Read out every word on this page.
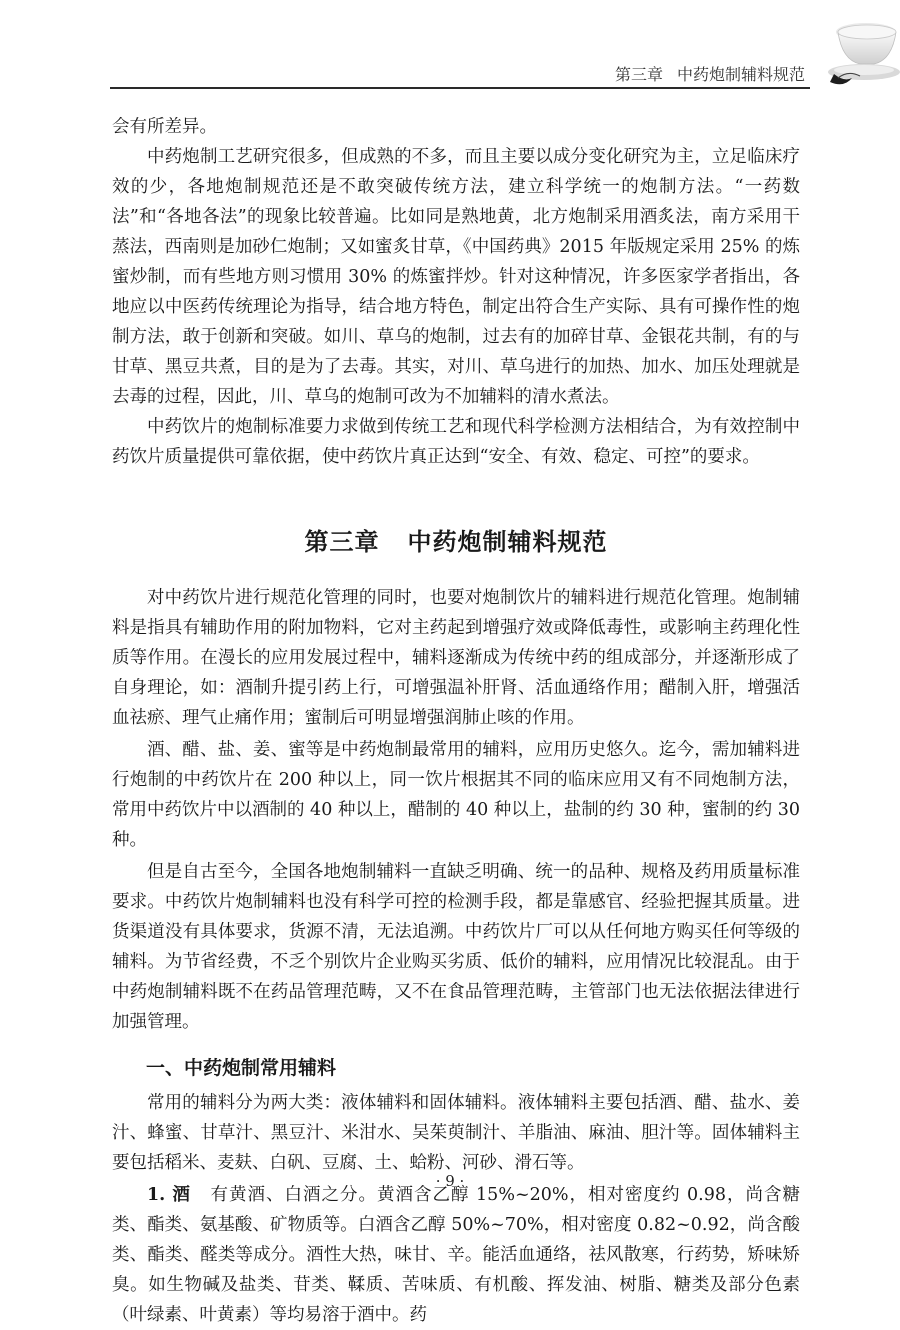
第三章 中药炮制辅料规范

会有所差异。

中药炮制工艺研究很多，但成熟的不多，而且主要以成分变化研究为主，立足临床疗效的少，各地炮制规范还是不敢突破传统方法，建立科学统一的炮制方法。“一药数法”和“各地各法”的现象比较普遍。比如同是熟地黄，北方炮制采用酒炙法，南方采用干蒸法，西南则是加砂仁炮制；又如蜜炙甘草，《中国药典》2015 年版规定采用 25% 的炼蜜炒制，而有些地方则习惯用 30% 的炼蜜拌炒。针对这种情况，许多医家学者指出，各地应以中医药传统理论为指导，结合地方特色，制定出符合生产实际、具有可操作性的炮制方法，敢于创新和突破。如川、草乌的炮制，过去有的加碎甘草、金银花共制，有的与甘草、黑豆共煮，目的是为了去毒。其实，对川、草乌进行的加热、加水、加压处理就是去毒的过程，因此，川、草乌的炮制可改为不加辅料的清水煮法。

中药饮片的炮制标准要力求做到传统工艺和现代科学检测方法相结合，为有效控制中药饮片质量提供可靠依据，使中药饮片真正达到“安全、有效、稳定、可控”的要求。

第三章 中药炮制辅料规范

对中药饮片进行规范化管理的同时，也要对炮制饮片的辅料进行规范化管理。炮制辅料是指具有辅助作用的附加物料，它对主药起到增强疗效或降低毒性，或影响主药理化性质等作用。在漫长的应用发展过程中，辅料逐渐成为传统中药的组成部分，并逐渐形成了自身理论，如：酒制升提引药上行，可增强温补肝肾、活血通络作用；醋制入肝，增强活血祛瘀、理气止痛作用；蜜制后可明显增强润肺止咳的作用。

酒、醋、盐、姜、蜜等是中药炮制最常用的辅料，应用历史悠久。迄今，需加辅料进行炮制的中药饮片在 200 种以上，同一饮片根据其不同的临床应用又有不同炮制方法，常用中药饮片中以酒制的 40 种以上，醋制的 40 种以上，盐制的约 30 种，蜜制的约 30 种。

但是自古至今，全国各地炮制辅料一直缺乏明确、统一的品种、规格及药用质量标准要求。中药饮片炮制辅料也没有科学可控的检测手段，都是靠感官、经验把握其质量。进货渠道没有具体要求，货源不清，无法追溯。中药饮片厂可以从任何地方购买任何等级的辅料。为节省经费，不乏个别饮片企业购买劣质、低价的辅料，应用情况比较混乱。由于中药炮制辅料既不在药品管理范畴，又不在食品管理范畴，主管部门也无法依据法律进行加强管理。

一、中药炮制常用辅料

常用的辅料分为两大类：液体辅料和固体辅料。液体辅料主要包括酒、醋、盐水、姜汁、蜂蜜、甘草汁、黑豆汁、米泔水、吴茱萸制汁、羊脂油、麻油、胆汁等。固体辅料主要包括稻米、麦麸、白矾、豆腐、土、蛤粉、河砂、滑石等。

1. 酒 有黄酒、白酒之分。黄酒含乙醇 15%~20%，相对密度约 0.98，尚含糖类、酯类、氨基酸、矿物质等。白酒含乙醇 50%~70%，相对密度 0.82~0.92，尚含酸类、酯类、醛类等成分。酒性大热，味甘、辛。能活血通络，祛风散寒，行药势，矫味矫臭。如生物碱及盐类、苷类、鞣质、苦味质、有机酸、挥发油、树脂、糖类及部分色素（叶绿素、叶黄素）等均易溶于酒中。药

· 9 ·
